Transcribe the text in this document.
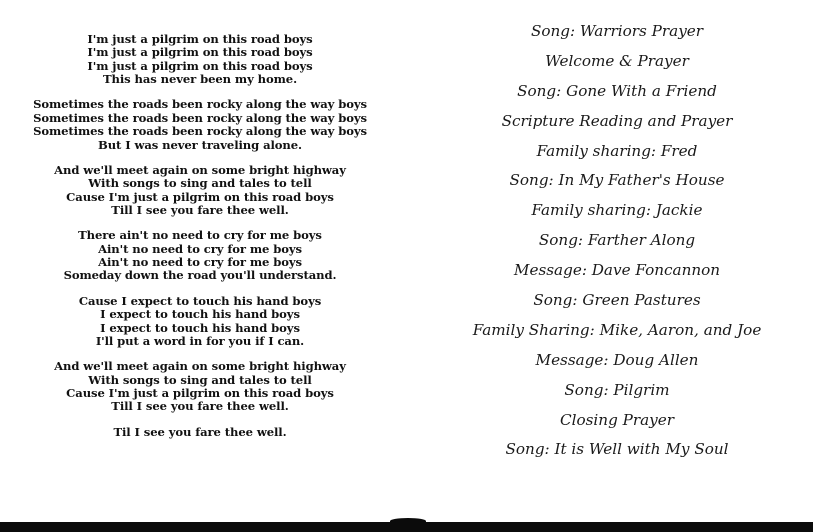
I'm just a pilgrim on this road boys
I'm just a pilgrim on this road boys
I'm just a pilgrim on this road boys
This has never been my home.
Sometimes the roads been rocky along the way boys
Sometimes the roads been rocky along the way boys
Sometimes the roads been rocky along the way boys
But I was never traveling alone.
And we'll meet again on some bright highway
With songs to sing and tales to tell
Cause I'm just a pilgrim on this road boys
Till I see you fare thee well.
There ain't no need to cry for me boys
Ain't no need to cry for me boys
Ain't no need to cry for me boys
Someday down the road you'll understand.
Cause I expect to touch his hand boys
I expect to touch his hand boys
I expect to touch his hand boys
I'll put a word in for you if I can.
And we'll meet again on some bright highway
With songs to sing and tales to tell
Cause I'm just a pilgrim on this road boys
Till I see you fare thee well.
Til I see you fare thee well.
Song: Warriors Prayer
Welcome & Prayer
Song: Gone With a Friend
Scripture Reading and Prayer
Family sharing: Fred
Song: In My Father's House
Family sharing: Jackie
Song: Farther Along
Message: Dave Foncannon
Song: Green Pastures
Family Sharing: Mike, Aaron, and Joe
Message: Doug Allen
Song: Pilgrim
Closing Prayer
Song: It is Well with My Soul
